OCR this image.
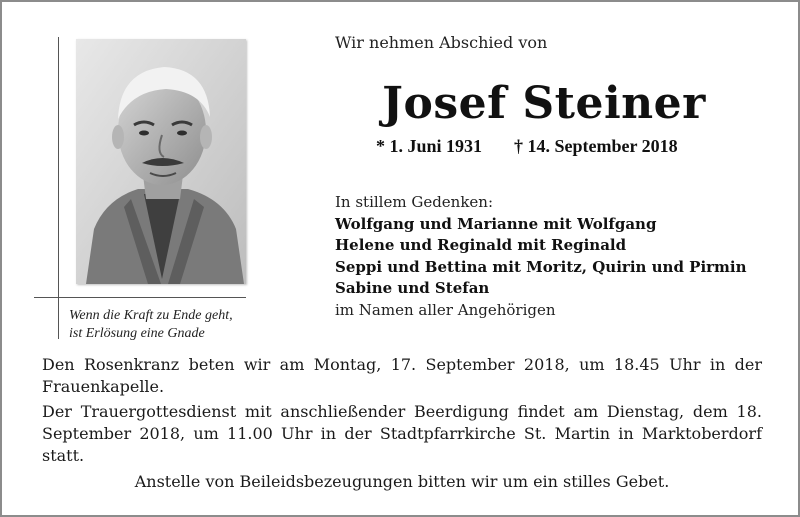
Wenn die Kraft zu Ende geht,
ist Erlösung eine Gnade
Wir nehmen Abschied von
Josef Steiner
* 1. Juni 1931 † 14. September 2018
In stillem Gedenken:
Wolfgang und Marianne mit Wolfgang
Helene und Reginald mit Reginald
Seppi und Bettina mit Moritz, Quirin und Pirmin
Sabine und Stefan
im Namen aller Angehörigen

Den Rosenkranz beten wir am Montag, 17. September 2018, um 18.45 Uhr in der Frauenkapelle.

Der Trauergottesdienst mit anschließender Beerdigung findet am Dienstag, dem 18. September 2018, um 11.00 Uhr in der Stadtpfarrkirche St. Martin in Marktoberdorf statt.

Anstelle von Beileidsbezeugungen bitten wir um ein stilles Gebet.
